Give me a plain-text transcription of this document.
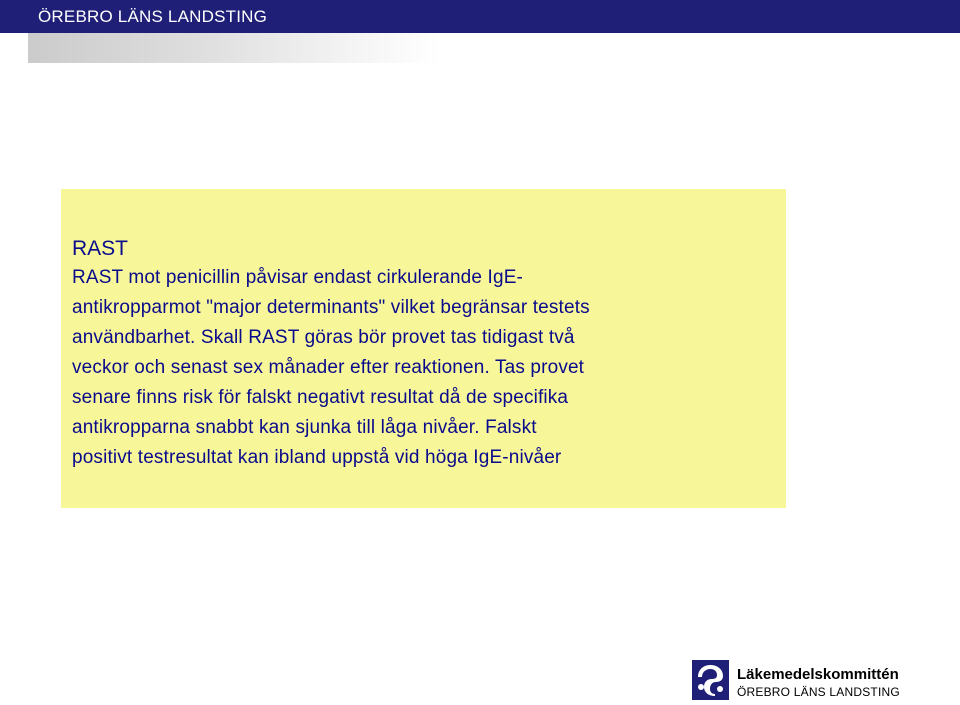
ÖREBRO LÄNS LANDSTING
RAST
RAST mot penicillin påvisar endast cirkulerande IgE-
antikropparmot "major determinants" vilket begränsar testets
användbarhet. Skall RAST göras bör provet tas tidigast två
veckor och senast sex månader efter reaktionen. Tas provet
senare finns risk för falskt negativt resultat då de specifika
antikropparna snabbt kan sjunka till låga nivåer. Falskt
positivt testresultat kan ibland uppstå vid höga IgE-nivåer
Läkemedelskommittén
ÖREBRO LÄNS LANDSTING
